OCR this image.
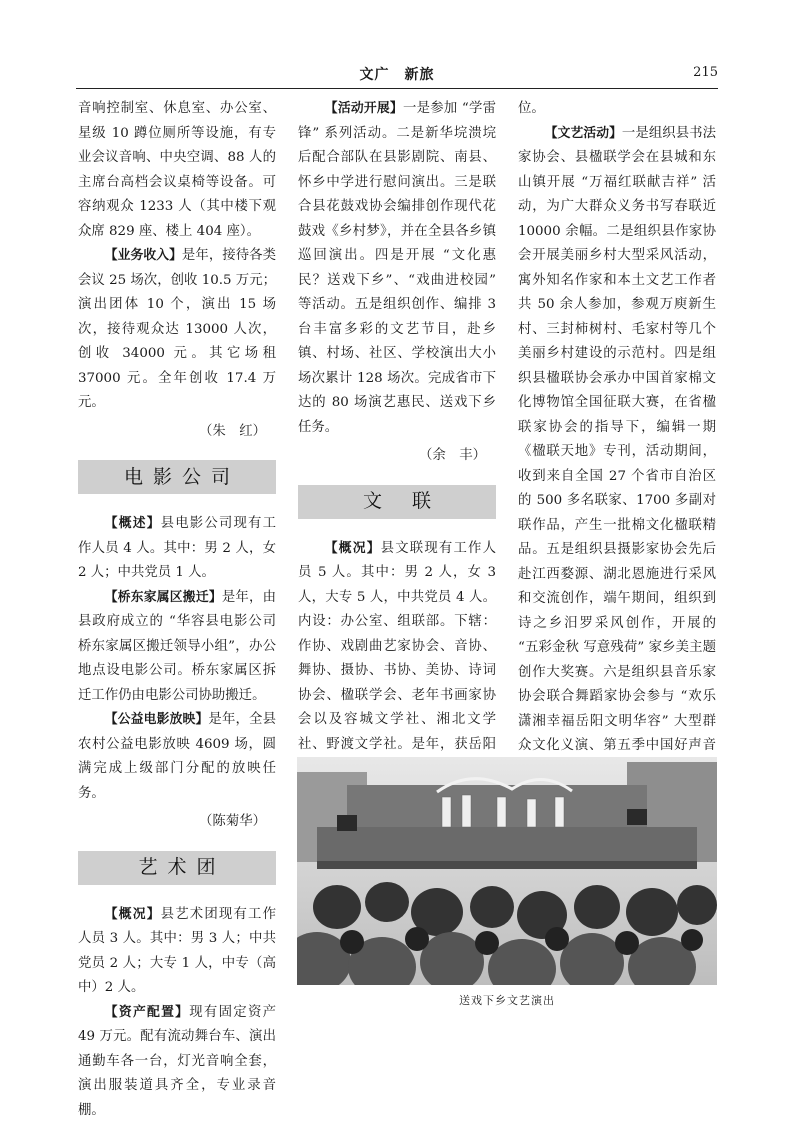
文广　新旅	215

音响控制室、休息室、办公室、星级 10 蹲位厕所等设施，有专业会议音响、中央空调、88 人的主席台高档会议桌椅等设备。可容纳观众 1233 人（其中楼下观众席 829 座、楼上 404 座）。

【业务收入】是年，接待各类会议 25 场次，创收 10.5 万元；演出团体 10 个，演出 15 场次，接待观众达 13000 人次，创收 34000 元。其它场租 37000 元。全年创收 17.4 万元。

（朱　红）

电影公司

【概述】县电影公司现有工作人员 4 人。其中：男 2 人，女 2 人；中共党员 1 人。

【桥东家属区搬迁】是年，由县政府成立的 “华容县电影公司桥东家属区搬迁领导小组”，办公地点设电影公司。桥东家属区拆迁工作仍由电影公司协助搬迁。

【公益电影放映】是年，全县农村公益电影放映 4609 场，圆满完成上级部门分配的放映任务。

（陈菊华）

艺术团

【概况】县艺术团现有工作人员 3 人。其中：男 3 人；中共党员 2 人；大专 1 人，中专（高中）2 人。

【资产配置】现有固定资产 49 万元。配有流动舞台车、演出通勤车各一台，灯光音响全套，演出服装道具齐全，专业录音棚。

【活动开展】一是参加 “学雷锋” 系列活动。二是新华垸溃垸后配合部队在县影剧院、南县、怀乡中学进行慰问演出。三是联合县花鼓戏协会编排创作现代花鼓戏《乡村梦》，并在全县各乡镇巡回演出。四是开展 “文化惠民？送戏下乡”、“戏曲进校园” 等活动。五是组织创作、编排 3 台丰富多彩的文艺节目，赴乡镇、村场、社区、学校演出大小场次累计 128 场次。完成省市下达的 80 场演艺惠民、送戏下乡任务。

（余　丰）

文联

【概况】县文联现有工作人员 5 人。其中：男 2 人，女 3 人，大专 5 人，中共党员 4 人。内设：办公室、组联部。下辖：作协、戏剧曲艺家协会、音协、舞协、摄协、书协、美协、诗词协会、楹联学会、老年书画家协会以及容城文学社、湘北文学社、野渡文学社。是年，获岳阳

位。

【文艺活动】一是组织县书法家协会、县楹联学会在县城和东山镇开展 “万福红联献吉祥” 活动，为广大群众义务书写春联近 10000 余幅。二是组织县作家协会开展美丽乡村大型采风活动，寓外知名作家和本土文艺工作者共 50 余人参加，参观万庾新生村、三封柿树村、毛家村等几个美丽乡村建设的示范村。四是组织县楹联协会承办中国首家棉文化博物馆全国征联大赛，在省楹联家协会的指导下，编辑一期《楹联天地》专刊，活动期间，收到来自全国 27 个省市自治区的 500 多名联家、1700 多副对联作品，产生一批棉文化楹联精品。五是组织县摄影家协会先后赴江西婺源、湖北恩施进行采风和交流创作，端午期间，组织到诗之乡汨罗采风创作，开展的 “五彩金秋 写意残荷” 家乡美主题创作大奖赛。六是组织县音乐家协会联合舞蹈家协会参与 “欢乐潇湘幸福岳阳文明华容” 大型群众文化义演、第五季中国好声音

送戏下乡文艺演出
